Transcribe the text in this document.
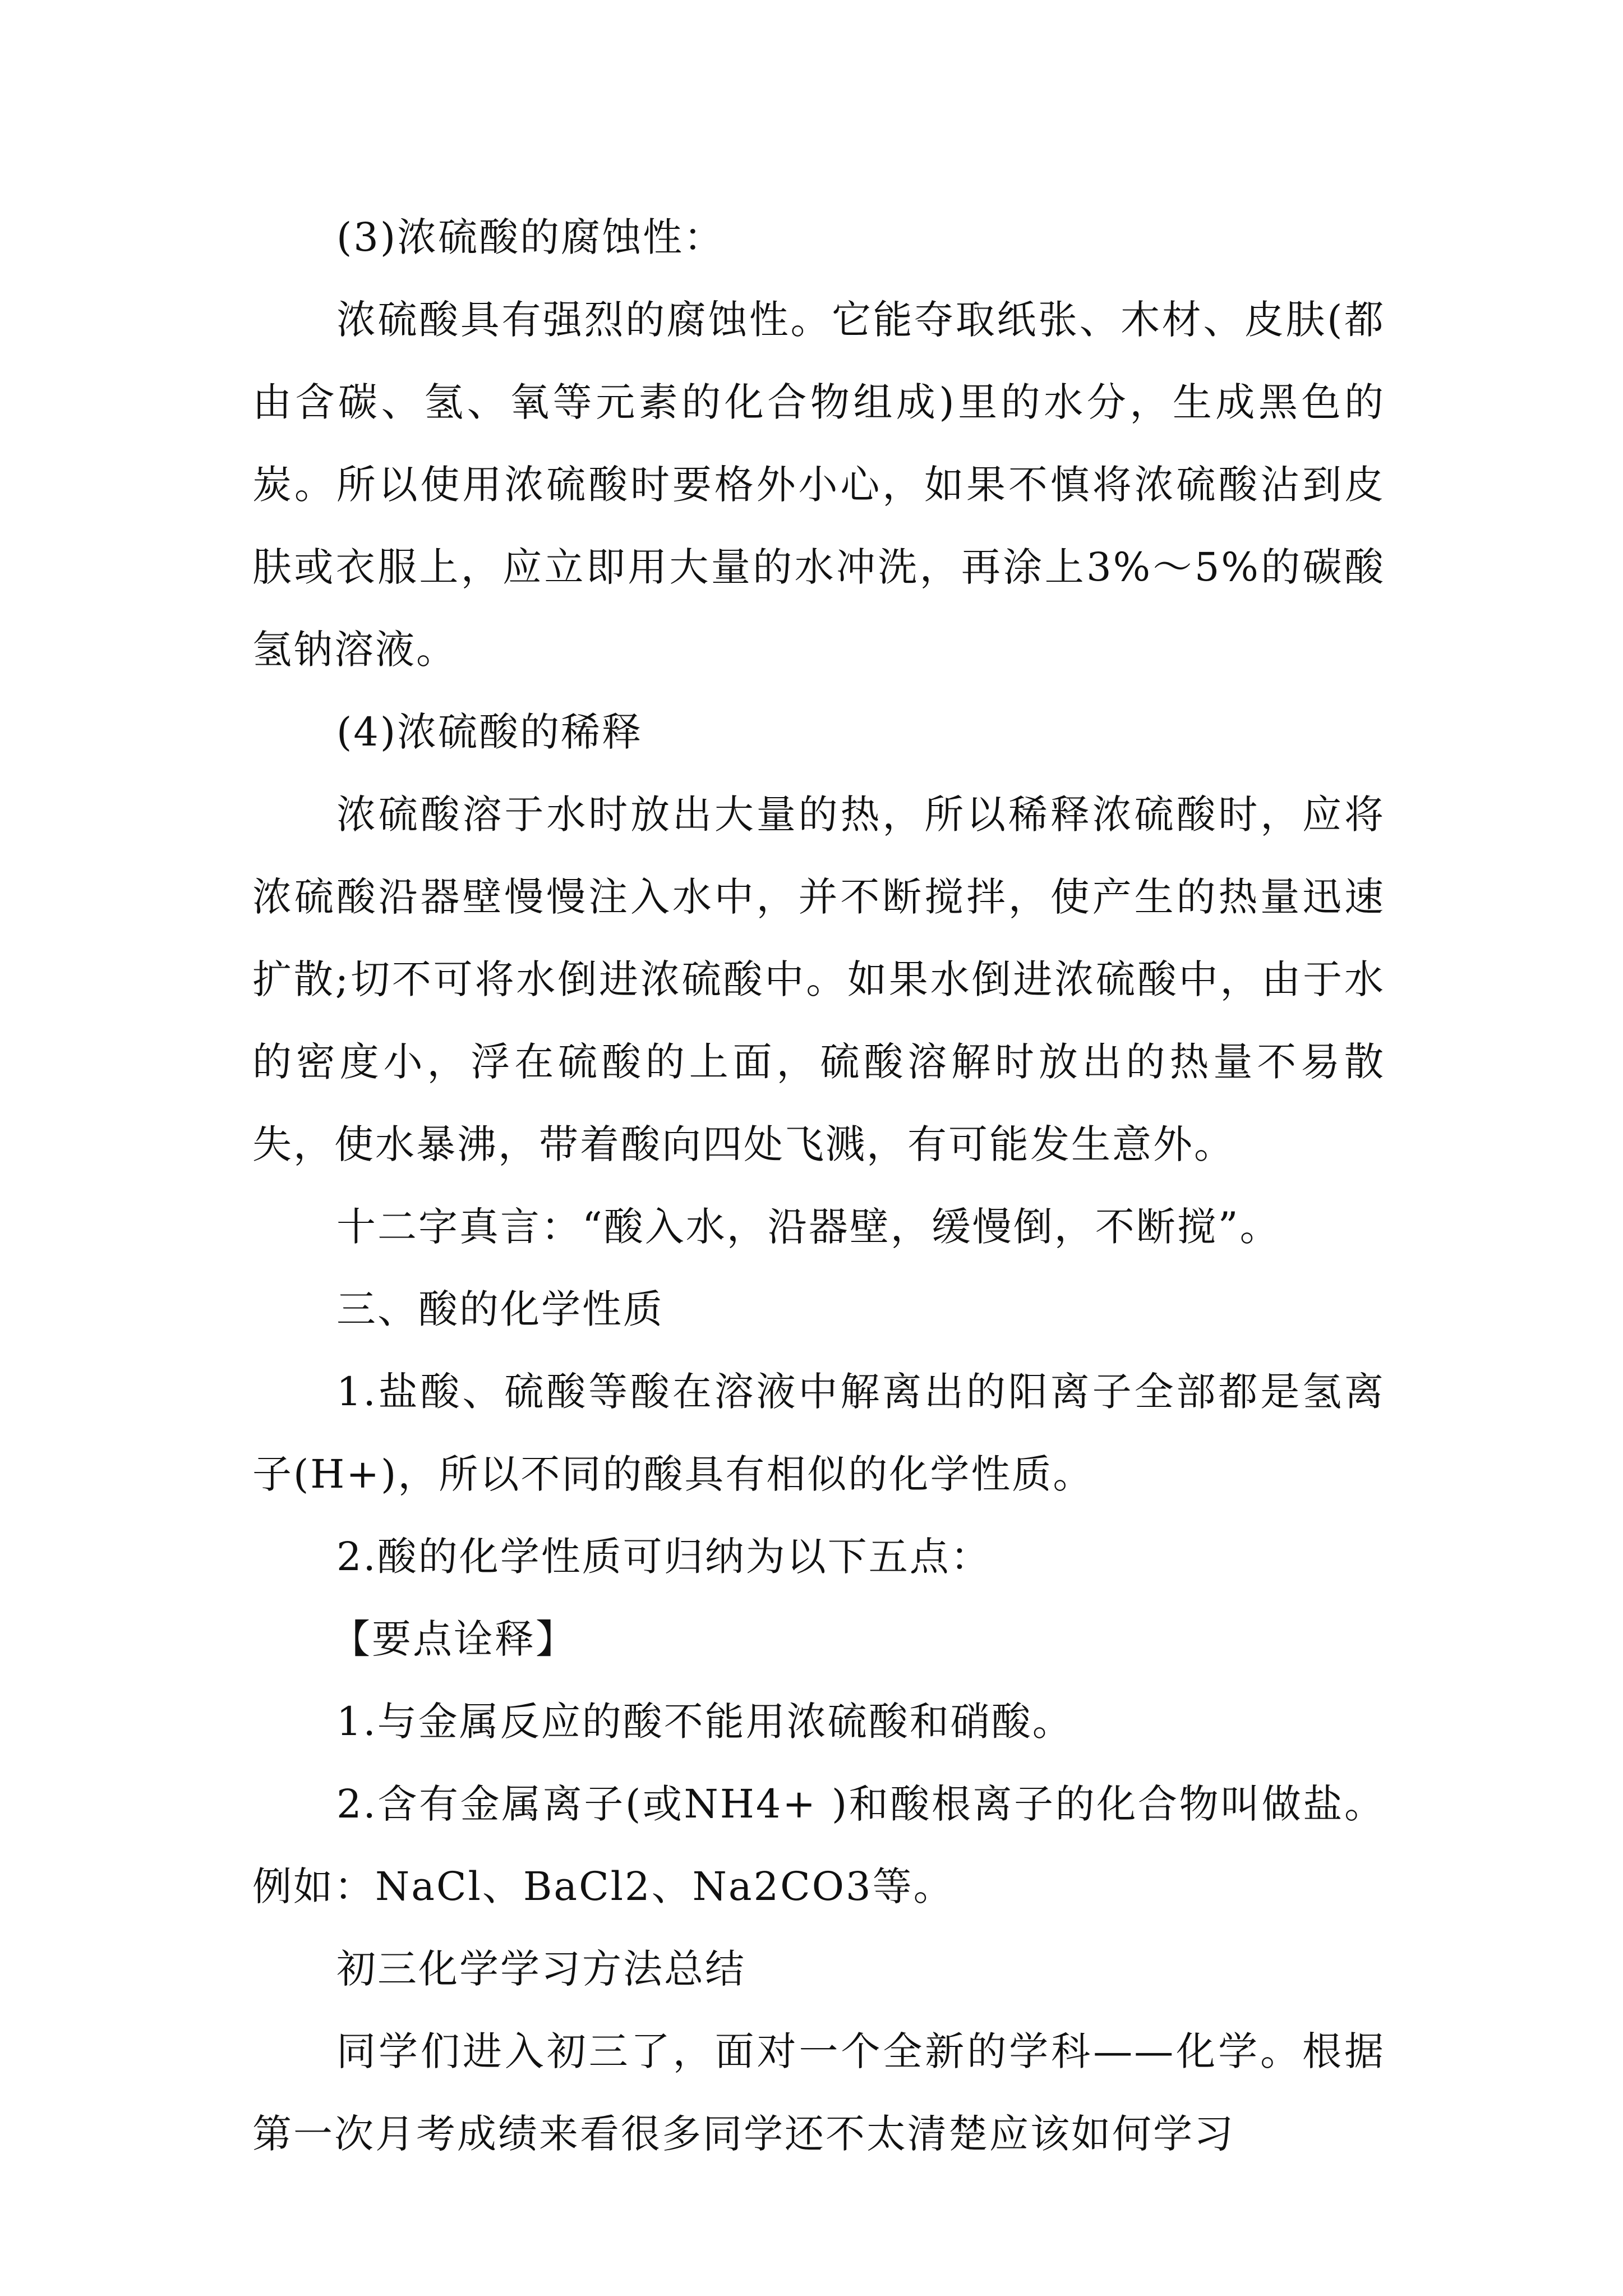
(3)浓硫酸的腐蚀性：

浓硫酸具有强烈的腐蚀性。它能夺取纸张、木材、皮肤(都由含碳、氢、氧等元素的化合物组成)里的水分，生成黑色的炭。所以使用浓硫酸时要格外小心，如果不慎将浓硫酸沾到皮肤或衣服上，应立即用大量的水冲洗，再涂上3%～5%的碳酸氢钠溶液。

(4)浓硫酸的稀释

浓硫酸溶于水时放出大量的热，所以稀释浓硫酸时，应将浓硫酸沿器壁慢慢注入水中，并不断搅拌，使产生的热量迅速扩散;切不可将水倒进浓硫酸中。如果水倒进浓硫酸中，由于水的密度小，浮在硫酸的上面，硫酸溶解时放出的热量不易散失，使水暴沸，带着酸向四处飞溅，有可能发生意外。

十二字真言：“酸入水，沿器壁，缓慢倒，不断搅”。

三、酸的化学性质

1.盐酸、硫酸等酸在溶液中解离出的阳离子全部都是氢离子(H+)，所以不同的酸具有相似的化学性质。

2.酸的化学性质可归纳为以下五点：

【要点诠释】

1.与金属反应的酸不能用浓硫酸和硝酸。

2.含有金属离子(或NH4+ )和酸根离子的化合物叫做盐。例如：NaCl、BaCl2、Na2CO3等。

初三化学学习方法总结

同学们进入初三了，面对一个全新的学科——化学。根据第一次月考成绩来看很多同学还不太清楚应该如何学习
